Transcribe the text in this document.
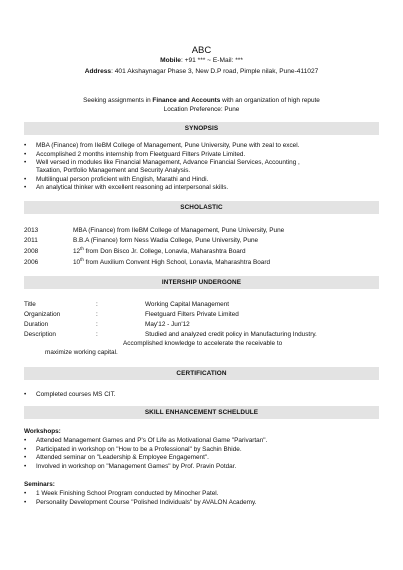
ABC
Mobile: +91 *** ~ E-Mail: ***
Address: 401 Akshaynagar Phase 3, New D.P road, Pimple nilak, Pune-411027
Seeking assignments in Finance and Accounts with an organization of high repute
Location Preference: Pune
SYNOPSIS
• MBA (Finance) from IIeBM College of Management, Pune University, Pune with zeal to excel.
• Accomplished 2 months internship from Fleetguard Filters Private Limited.
• Well versed in modules like Financial Management, Advance Financial Services, Accounting ,
Taxation, Portfolio Management and Security Analysis.
• Multilingual person proficient with English, Marathi and Hindi.
• An analytical thinker with excellent reasoning ad interpersonal skills.
SCHOLASTIC
2013	MBA (Finance) from IIeBM College of Management, Pune University, Pune
2011	B.B.A (Finance) form Ness Wadia College, Pune University, Pune
2008	12th from Don Bisco Jr. College, Lonavla, Maharashtra Board
2006	10th from Auxilium Convent High School, Lonavla, Maharashtra Board
INTERSHIP UNDERGONE
Title	:	Working Capital Management
Organization	:	Fleetguard Filters Private Limited
Duration	:	May'12 - Jun'12
Description	:	Studied and analyzed credit policy in Manufacturing Industry.
Accomplished knowledge to accelerate the receivable to
maximize working capital.
CERTIFICATION
• Completed courses MS CIT.
SKILL ENHANCEMENT SCHELDULE
Workshops:
• Attended Management Games and P's Of Life as Motivational Game "Parivartan".
• Participated in workshop on "How to be a Professional" by Sachin Bhide.
• Attended seminar on "Leadership & Employee Engagement".
• Involved in workshop on "Management Games" by Prof. Pravin Potdar.
Seminars:
• 1 Week Finishing School Program conducted by Minocher Patel.
• Personality Development Course "Polished Individuals" by AVALON Academy.
